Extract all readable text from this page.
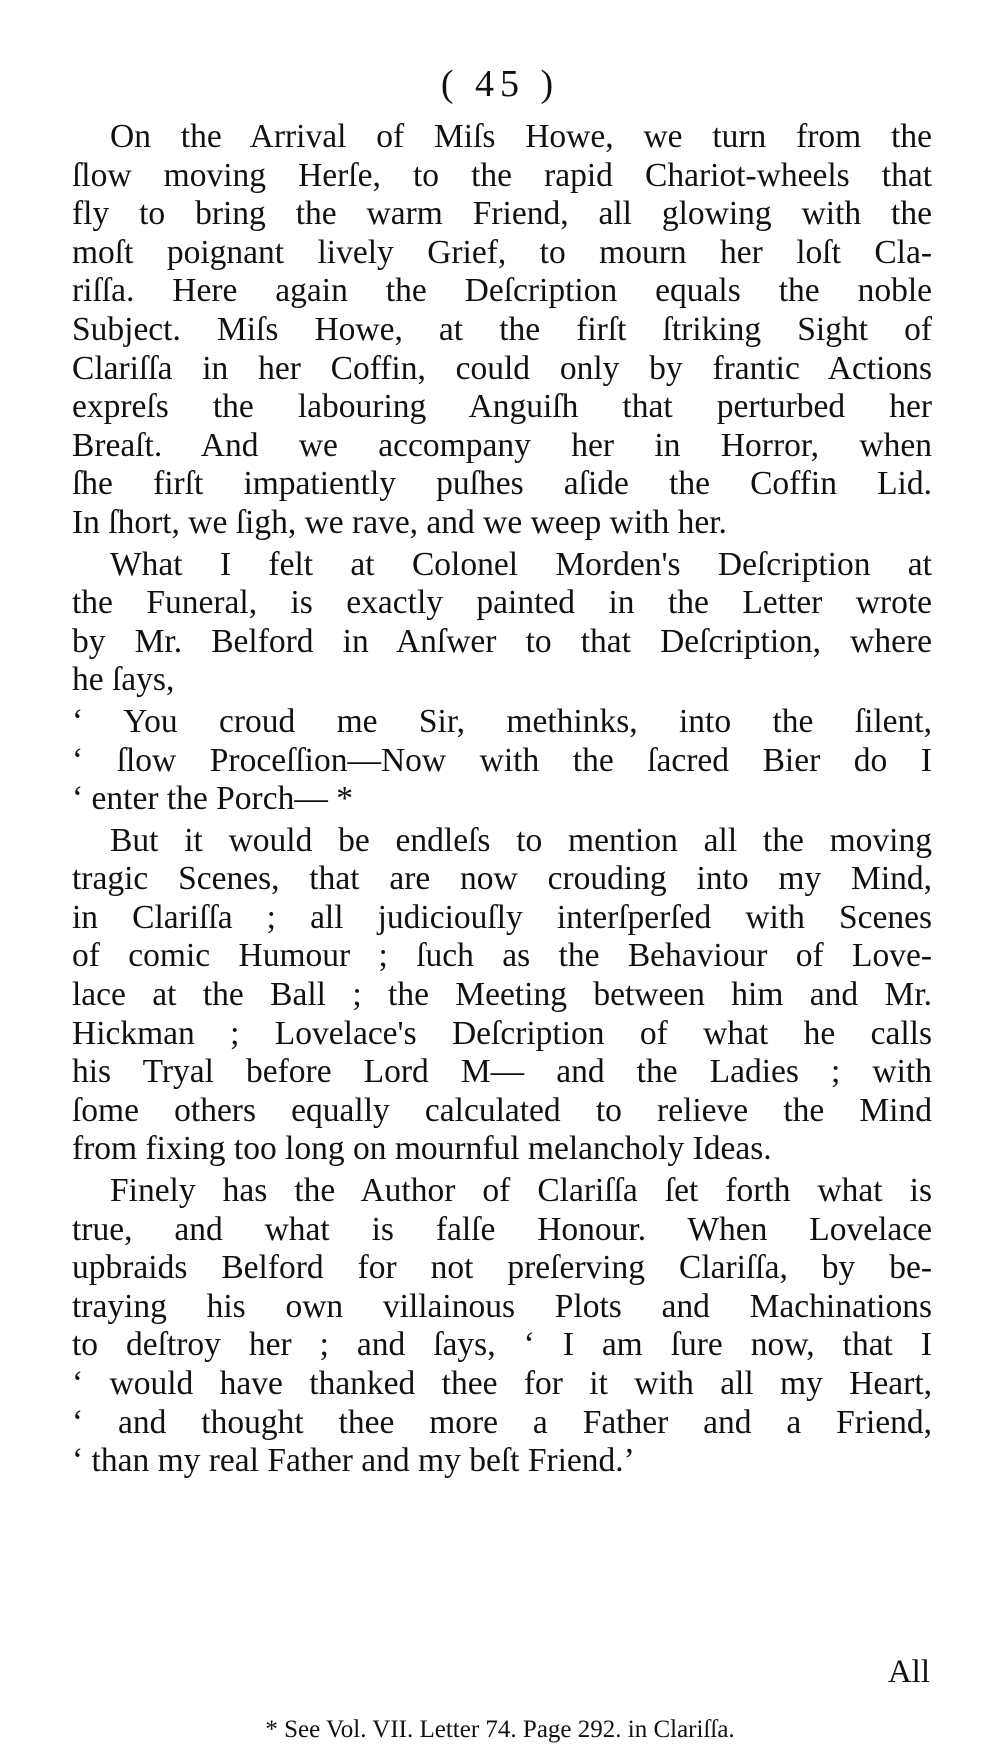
( 45 )
On the Arrival of Miſs Howe, we turn from the
ſlow moving Herſe, to the rapid Chariot-wheels that
fly to bring the warm Friend, all glowing with the
moſt poignant lively Grief, to mourn her loſt Cla-
riſſa. Here again the Deſcription equals the noble
Subject. Miſs Howe, at the firſt ſtriking Sight of
Clariſſa in her Coffin, could only by frantic Actions
expreſs the labouring Anguiſh that perturbed her
Breaſt. And we accompany her in Horror, when
ſhe firſt impatiently puſhes aſide the Coffin Lid.
In ſhort, we ſigh, we rave, and we weep with her.
What I felt at Colonel Morden's Deſcription at
the Funeral, is exactly painted in the Letter wrote
by Mr. Belford in Anſwer to that Deſcription, where
he ſays,
‘ You croud me Sir, methinks, into the ſilent,
‘ ſlow Proceſſion—Now with the ſacred Bier do I
‘ enter the Porch— *
But it would be endleſs to mention all the moving
tragic Scenes, that are now crouding into my Mind,
in Clariſſa ; all judiciouſly interſperſed with Scenes
of comic Humour ; ſuch as the Behaviour of Love-
lace at the Ball ; the Meeting between him and Mr.
Hickman ; Lovelace's Deſcription of what he calls
his Tryal before Lord M— and the Ladies ; with
ſome others equally calculated to relieve the Mind
from fixing too long on mournful melancholy Ideas.
Finely has the Author of Clariſſa ſet forth what is
true, and what is falſe Honour. When Lovelace
upbraids Belford for not preſerving Clariſſa, by be-
traying his own villainous Plots and Machinations
to deſtroy her ; and ſays, ‘ I am ſure now, that I
‘ would have thanked thee for it with all my Heart,
‘ and thought thee more a Father and a Friend,
‘ than my real Father and my beſt Friend.’
All
* See Vol. VII. Letter 74. Page 292. in Clariſſa.
